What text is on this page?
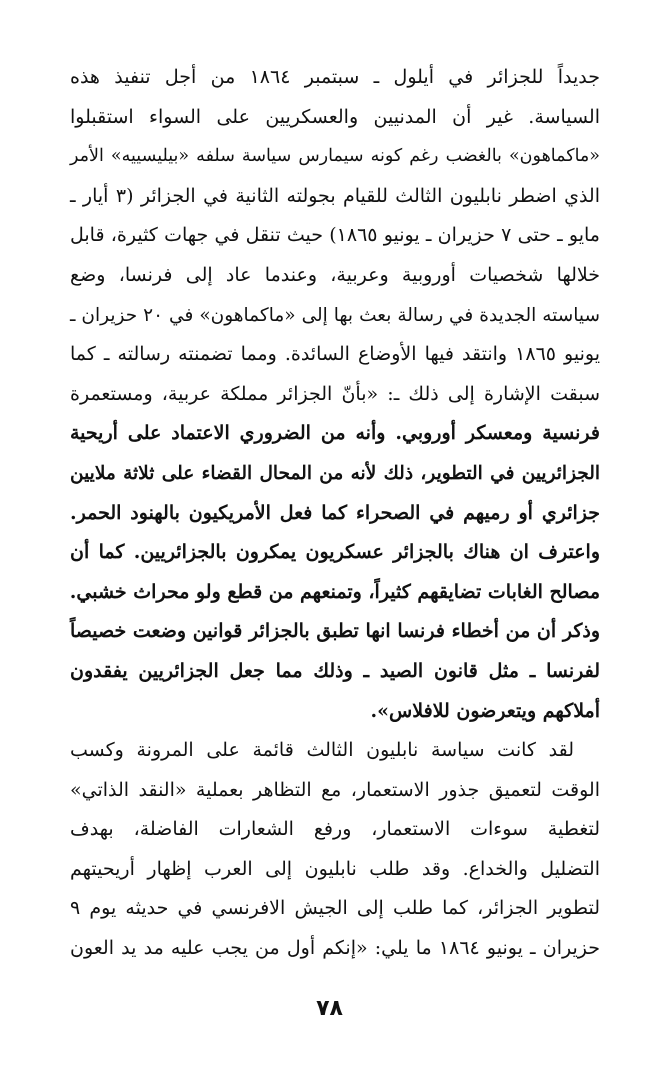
جديداً للجزائر في أيلول ـ سبتمبر ١٨٦٤ من أجل تنفيذ هذه
السياسة. غير أن المدنيين والعسكريين على السواء استقبلوا
«ماكماهون» بالغضب رغم كونه سيمارس سياسة سلفه «بيليسييه» الأمر
الذي اضطر نابليون الثالث للقيام بجولته الثانية في الجزائر (٣ أيار ـ
مايو ـ حتى ٧ حزيران ـ يونيو ١٨٦٥) حيث تنقل في جهات كثيرة، قابل
خلالها شخصيات أوروبية وعربية، وعندما عاد إلى فرنسا، وضع
سياسته الجديدة في رسالة بعث بها إلى «ماكماهون» في ٢٠ حزيران ـ
يونيو ١٨٦٥ وانتقد فيها الأوضاع السائدة. ومما تضمنته رسالته ـ كما
سبقت الإشارة إلى ذلك ـ: «بأنّ الجزائر مملكة عربية، ومستعمرة
فرنسية ومعسكر أوروبي. وأنه من الضروري الاعتماد على أريحية
الجزائريين في التطوير، ذلك لأنه من المحال القضاء على ثلاثة ملايين
جزائري أو رميهم في الصحراء كما فعل الأمريكيون بالهنود الحمر.
واعترف ان هناك بالجزائر عسكريون يمكرون بالجزائريين. كما أن
مصالح الغابات تضايقهم كثيراً، وتمنعهم من قطع ولو محراث خشبي.
وذكر أن من أخطاء فرنسا انها تطبق بالجزائر قوانين وضعت خصيصاً
لفرنسا ـ مثل قانون الصيد ـ وذلك مما جعل الجزائريين يفقدون
أملاكهم ويتعرضون للافلاس».
لقد كانت سياسة نابليون الثالث قائمة على المرونة وكسب
الوقت لتعميق جذور الاستعمار، مع التظاهر بعملية «النقد الذاتي»
لتغطية سوءات الاستعمار، ورفع الشعارات الفاضلة، بهدف
التضليل والخداع. وقد طلب نابليون إلى العرب إظهار أريحيتهم
لتطوير الجزائر، كما طلب إلى الجيش الافرنسي في حديثه يوم ٩
حزيران ـ يونيو ١٨٦٤ ما يلي: «إنكم أول من يجب عليه مد يد العون
٧٨
